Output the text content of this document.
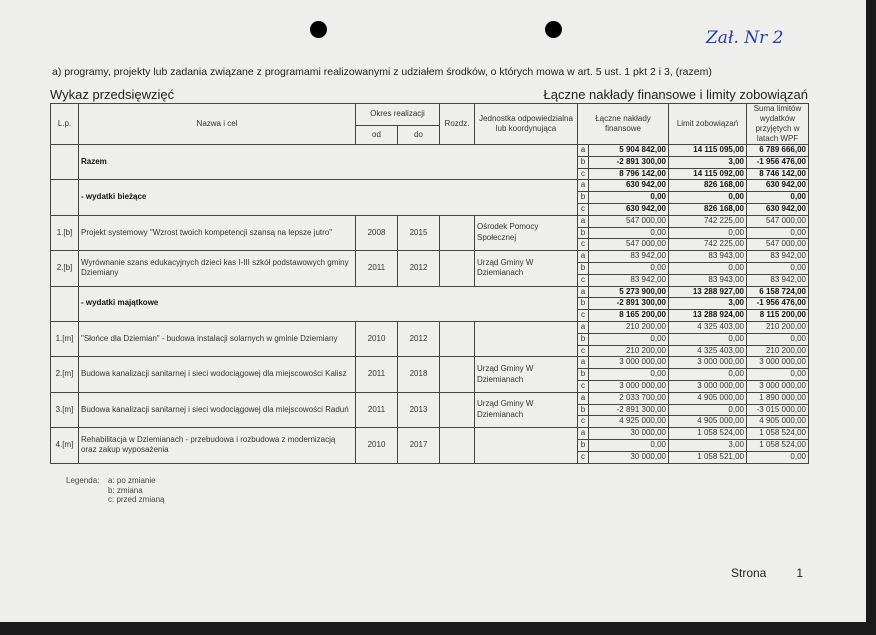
Zał. Nr 2
a) programy, projekty lub zadania związane z programami realizowanymi z udziałem środków, o których mowa w art. 5 ust. 1 pkt 2 i 3, (razem)
Wykaz przedsięwzięć	Łączne nakłady finansowe i limity zobowiązań
L.p.	Nazwa i cel	Okres realizacji		Rozdz.	Jednostka odpowiedzialna lub koordynująca	Łączne nakłady finansowe		Limit zobowiązań	Suma limitów wydatków przyjętych w latach WPF
		od	do						
	Razem					a	5 904 842,00	14 115 095,00	6 789 666,00
						b	-2 891 300,00	3,00	-1 956 476,00
						c	8 796 142,00	14 115 092,00	8 746 142,00
	- wydatki bieżące					a	630 942,00	826 168,00	630 942,00
						b	0,00	0,00	0,00
						c	630 942,00	826 168,00	630 942,00
1.[b]	Projekt systemowy "Wzrost twoich kompetencji szansą na lepsze jutro"	2008	2015		Ośrodek Pomocy Społecznej	a	547 000,00	742 225,00	547 000,00
						b	0,00	0,00	0,00
						c	547 000,00	742 225,00	547 000,00
2.[b]	Wyrównanie szans edukacyjnych dzieci kas I-III szkół podstawowych gminy Dziemiany	2011	2012		Urząd Gminy W Dziemianach	a	83 942,00	83 943,00	83 942,00
						b	0,00	0,00	0,00
						c	83 942,00	83 943,00	83 942,00
	- wydatki majątkowe					a	5 273 900,00	13 288 927,00	6 158 724,00
						b	-2 891 300,00	3,00	-1 956 476,00
						c	8 165 200,00	13 288 924,00	8 115 200,00
1.[m]	"Słońce dla Dziemian" - budowa instalacji solarnych w gminie Dziemiany	2010	2012			a	210 200,00	4 325 403,00	210 200,00
						b	0,00	0,00	0,00
						c	210 200,00	4 325 403,00	210 200,00
2.[m]	Budowa kanalizacji sanitarnej i sieci wodociągowej dla miejscowości Kalisz	2011	2018		Urząd Gminy W Dziemianach	a	3 000 000,00	3 000 000,00	3 000 000,00
						b	0,00	0,00	0,00
						c	3 000 000,00	3 000 000,00	3 000 000,00
3.[m]	Budowa kanalizacji sanitarnej i sieci wodociągowej dla miejscowości Raduń	2011	2013		Urząd Gminy W Dziemianach	a	2 033 700,00	4 905 000,00	1 890 000,00
						b	-2 891 300,00	0,00	-3 015 000,00
						c	4 925 000,00	4 905 000,00	4 905 000,00
4.[m]	Rehabilitacja w Dziemianach - przebudowa i rozbudowa z modernizacją oraz zakup wyposażenia	2010	2017			a	30 000,00	1 058 524,00	1 058 524,00
						b	0,00	3,00	1 058 524,00
						c	30 000,00	1 058 521,00	0,00
Legenda: a: po zmianie
b: zmiana
c: przed zmianą
Strona	1
